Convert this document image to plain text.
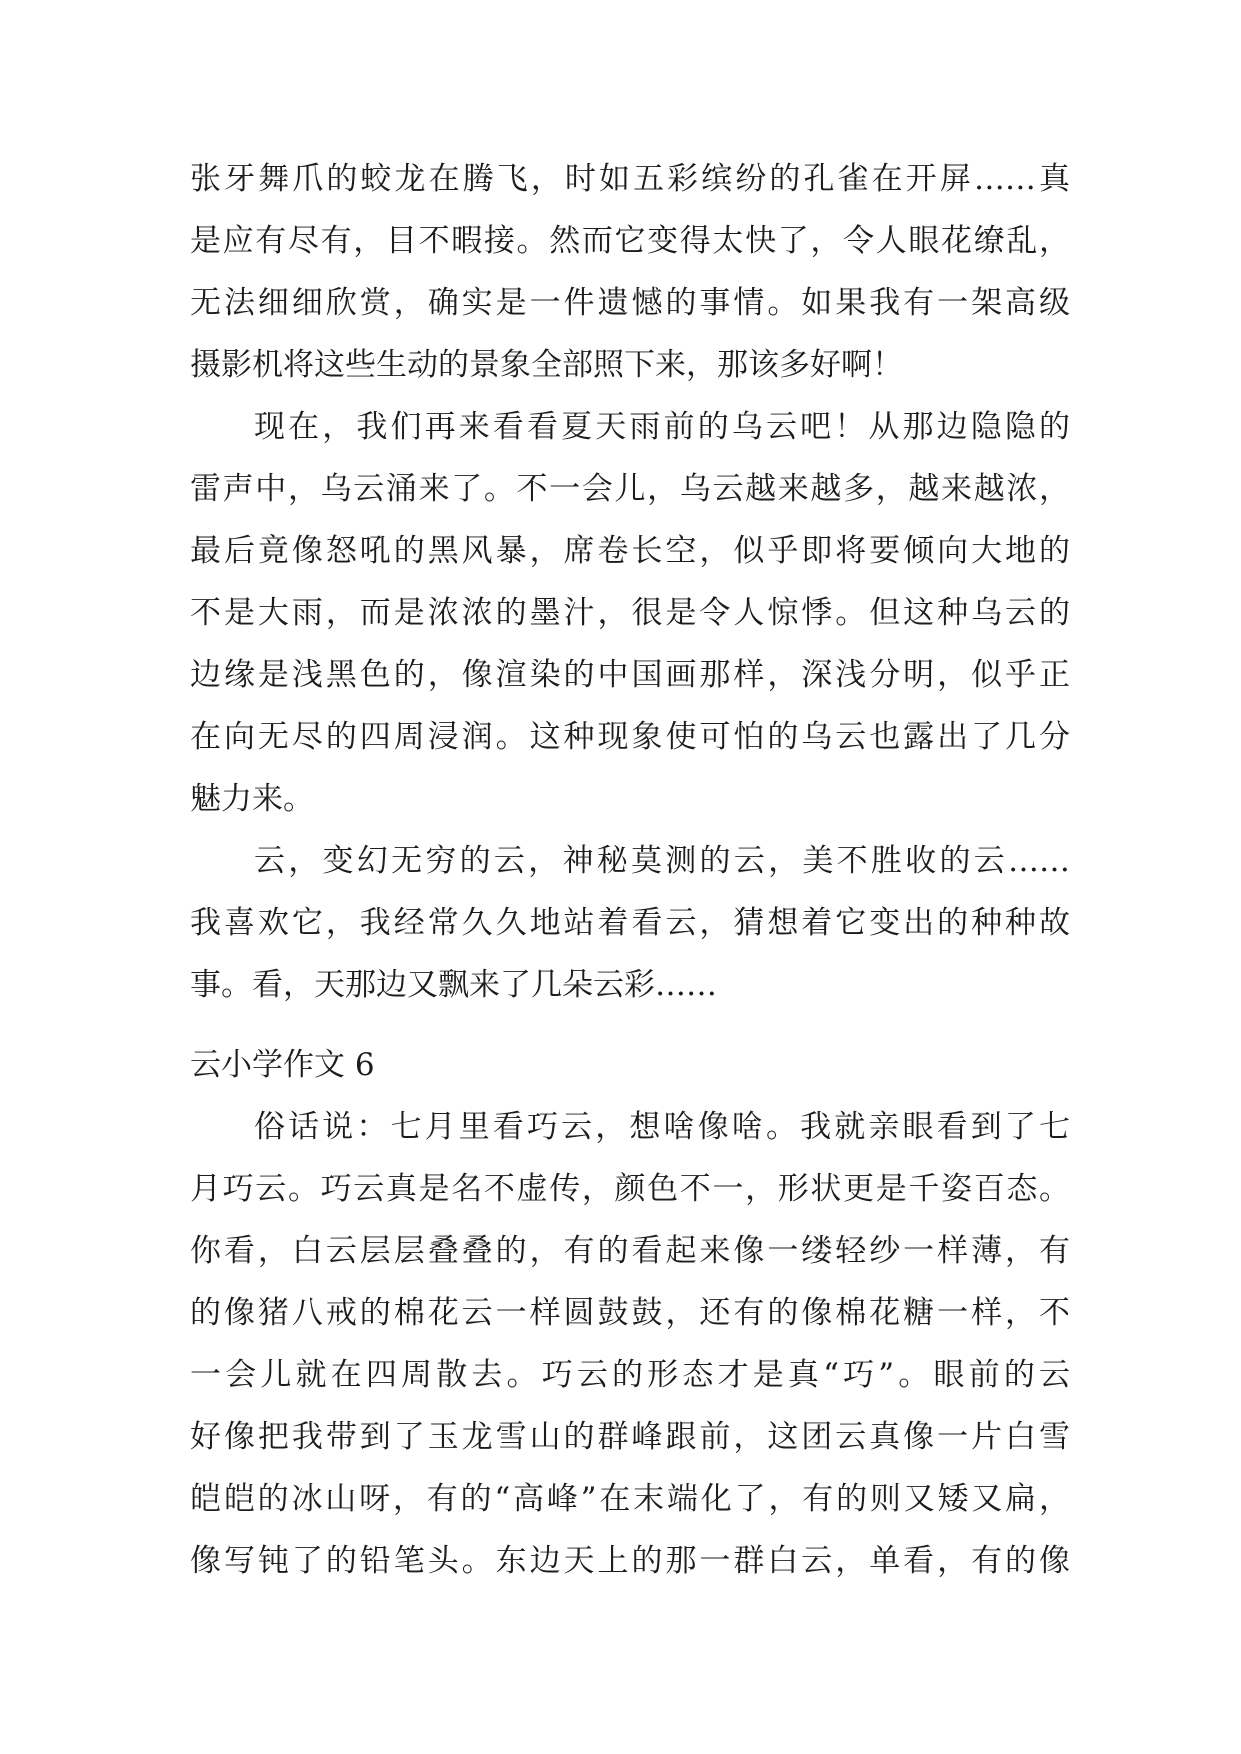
张牙舞爪的蛟龙在腾飞，时如五彩缤纷的孔雀在开屏……真
是应有尽有，目不暇接。然而它变得太快了，令人眼花缭乱，
无法细细欣赏，确实是一件遗憾的事情。如果我有一架高级
摄影机将这些生动的景象全部照下来，那该多好啊！
现在，我们再来看看夏天雨前的乌云吧！从那边隐隐的
雷声中，乌云涌来了。不一会儿，乌云越来越多，越来越浓，
最后竟像怒吼的黑风暴，席卷长空，似乎即将要倾向大地的
不是大雨，而是浓浓的墨汁，很是令人惊悸。但这种乌云的
边缘是浅黑色的，像渲染的中国画那样，深浅分明，似乎正
在向无尽的四周浸润。这种现象使可怕的乌云也露出了几分
魅力来。
云，变幻无穷的云，神秘莫测的云，美不胜收的云……
我喜欢它，我经常久久地站着看云，猜想着它变出的种种故
事。看，天那边又飘来了几朵云彩……
云小学作文 6
俗话说：七月里看巧云，想啥像啥。我就亲眼看到了七
月巧云。巧云真是名不虚传，颜色不一，形状更是千姿百态。
你看，白云层层叠叠的，有的看起来像一缕轻纱一样薄，有
的像猪八戒的棉花云一样圆鼓鼓，还有的像棉花糖一样，不
一会儿就在四周散去。巧云的形态才是真“巧”。眼前的云
好像把我带到了玉龙雪山的群峰跟前，这团云真像一片白雪
皑皑的冰山呀，有的“高峰”在末端化了，有的则又矮又扁，
像写钝了的铅笔头。东边天上的那一群白云，单看，有的像
